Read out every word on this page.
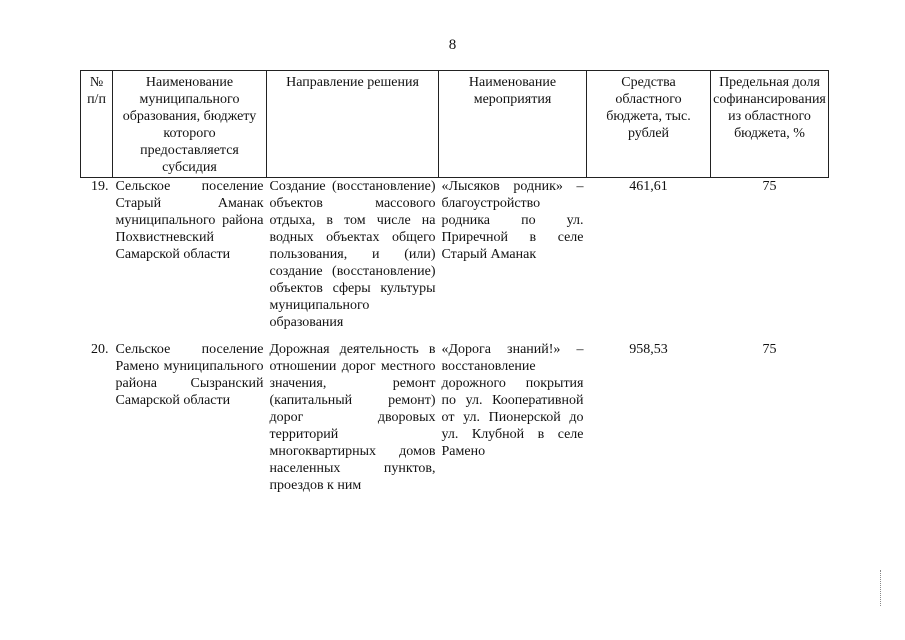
8
№ п/п	Наименование муниципального образования, бюджету которого предоставляется субсидия	Направление решения	Наименование мероприятия	Средства областного бюджета, тыс. рублей	Предельная доля софинансирования из областного бюджета, %
19.	Сельское поселение Старый Аманак муниципального района Похвистневский Самарской области	Создание (восстановление) объектов массового отдыха, в том числе на водных объектах общего пользования, и (или) создание (восстановление) объектов сферы культуры муниципального образования	«Лысяков родник» – благоустройство родника по ул. Приречной в селе Старый Аманак	461,61	75
20.	Сельское поселение Рамено муниципального района Сызранский Самарской области	Дорожная деятельность в отношении дорог местного значения, ремонт (капитальный ремонт) дорог дворовых территорий многоквартирных домов населенных пунктов, проездов к ним	«Дорога знаний!» – восстановление дорожного покрытия по ул. Кооперативной от ул. Пионерской до ул. Клубной в селе Рамено	958,53	75
